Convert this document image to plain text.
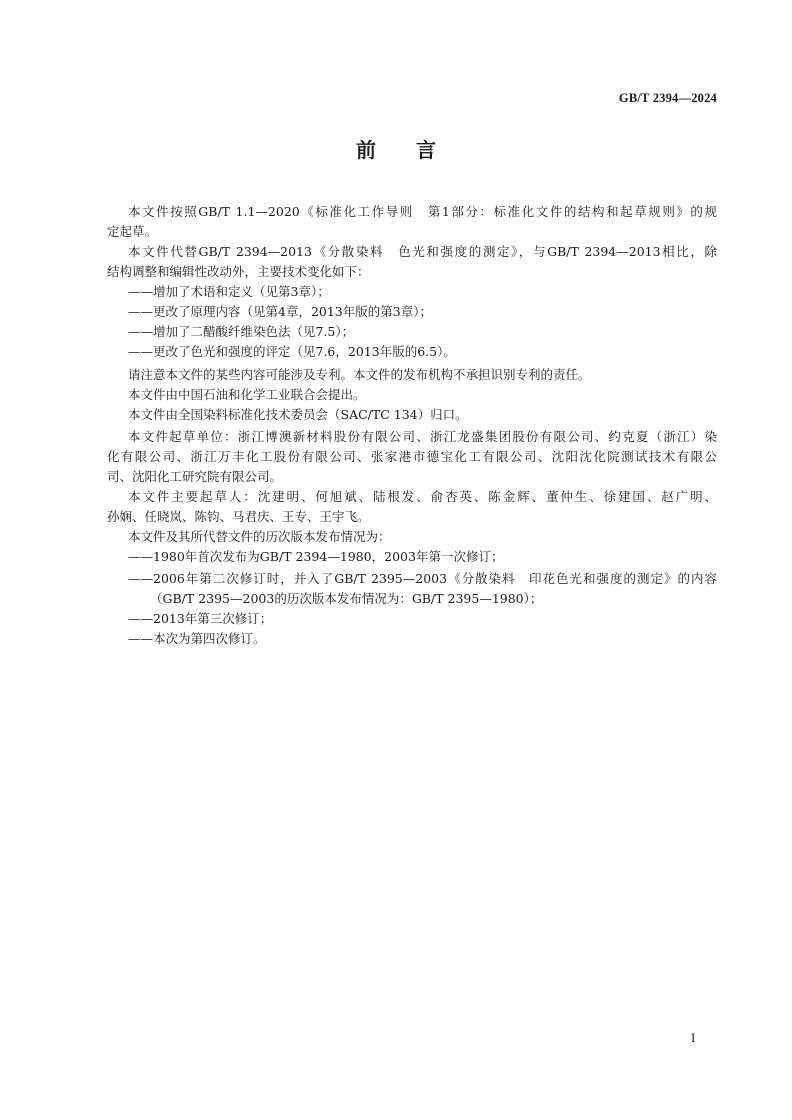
GB/T 2394—2024
前　　言
本文件按照GB/T 1.1—2020《标准化工作导则　第1部分：标准化文件的结构和起草规则》的规
定起草。
本文件代替GB/T 2394—2013《分散染料　色光和强度的测定》，与GB/T 2394—2013相比，除
结构调整和编辑性改动外，主要技术变化如下：
——增加了术语和定义（见第3章）；
——更改了原理内容（见第4章，2013年版的第3章）；
——增加了二醋酸纤维染色法（见7.5）；
——更改了色光和强度的评定（见7.6，2013年版的6.5）。
请注意本文件的某些内容可能涉及专利。本文件的发布机构不承担识别专利的责任。
本文件由中国石油和化学工业联合会提出。
本文件由全国染料标准化技术委员会（SAC/TC 134）归口。
本文件起草单位：浙江博澳新材料股份有限公司、浙江龙盛集团股份有限公司、约克夏（浙江）染
化有限公司、浙江万丰化工股份有限公司、张家港市德宝化工有限公司、沈阳沈化院测试技术有限公
司、沈阳化工研究院有限公司。
本文件主要起草人：沈建明、何旭斌、陆根发、俞杏英、陈金辉、董仲生、徐建国、赵广明、
孙娴、任晓岚、陈钧、马君庆、王专、王宇飞。
本文件及其所代替文件的历次版本发布情况为：
——1980年首次发布为GB/T 2394—1980，2003年第一次修订；
——2006年第二次修订时，并入了GB/T 2395—2003《分散染料　印花色光和强度的测定》的内容
（GB/T 2395—2003的历次版本发布情况为：GB/T 2395—1980）；
——2013年第三次修订；
——本次为第四次修订。
I
